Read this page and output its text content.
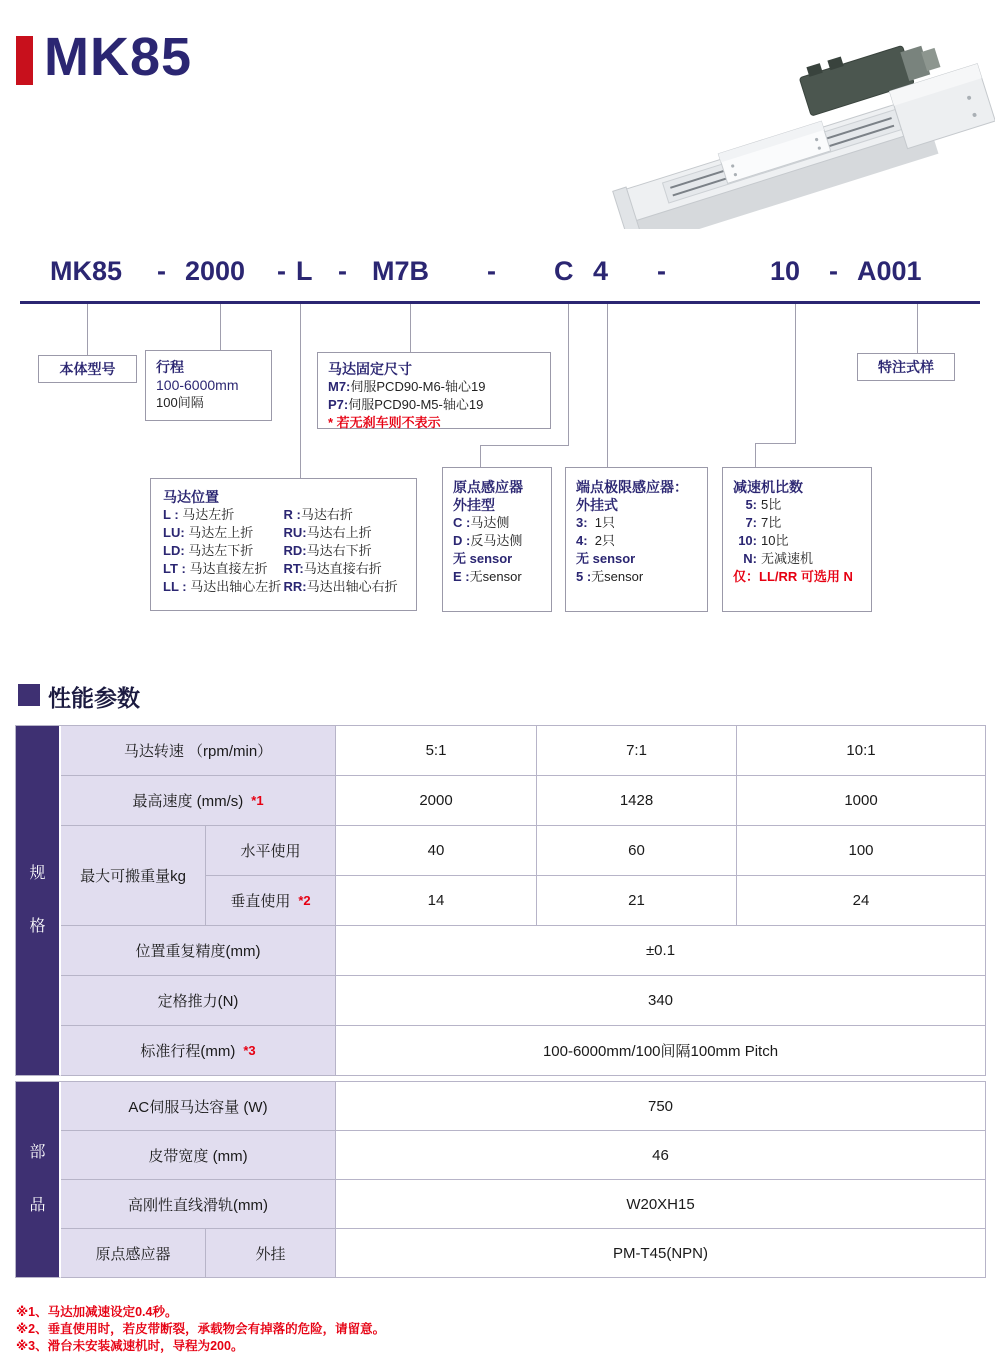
MK85
MK85 - 2000 - L - M7B - C 4 -	10 - A001
本体型号	行程
100-6000mm
100间隔
马达固定尺寸
M7:伺服PCD90-M6-轴心19
P7:伺服PCD90-M5-轴心19
* 若无刹车则不表示
特注式样
马达位置
L : 马达左折	R :马达右折
LU: 马达左上折	RU:马达右上折
LD: 马达左下折	RD:马达右下折
LT : 马达直接左折	RT:马达直接右折
LL : 马达出轴心左折 RR:马达出轴心右折
原点感应器
外挂型
C :马达侧
D :反马达侧
无 sensor
E :无sensor
端点极限感应器：
外挂式
3: 1只
4: 2只
无 sensor
5 :无sensor
减速机比数
5: 5比
7: 7比
10: 10比
N: 无减速机
仅：LL/RR 可选用 N
性能参数
规格
马达转速 （rpm/min）	5:1	7:1	10:1
最高速度 (mm/s) *1	2000	1428	1000
最大可搬重量kg
水平使用	40	60	100
垂直使用 *2	14	21	24
位置重复精度(mm)	±0.1
定格推力(N)	340
标准行程(mm) *3	100-6000mm/100间隔100mm Pitch
部品
AC伺服马达容量 (W)	750
皮带宽度 (mm)	46
高刚性直线滑轨(mm)	W20XH15
原点感应器	外挂	PM-T45(NPN)
※1、马达加减速设定0.4秒。
※2、垂直使用时，若皮带断裂，承载物会有掉落的危险，请留意。
※3、滑台未安装减速机时，导程为200。
